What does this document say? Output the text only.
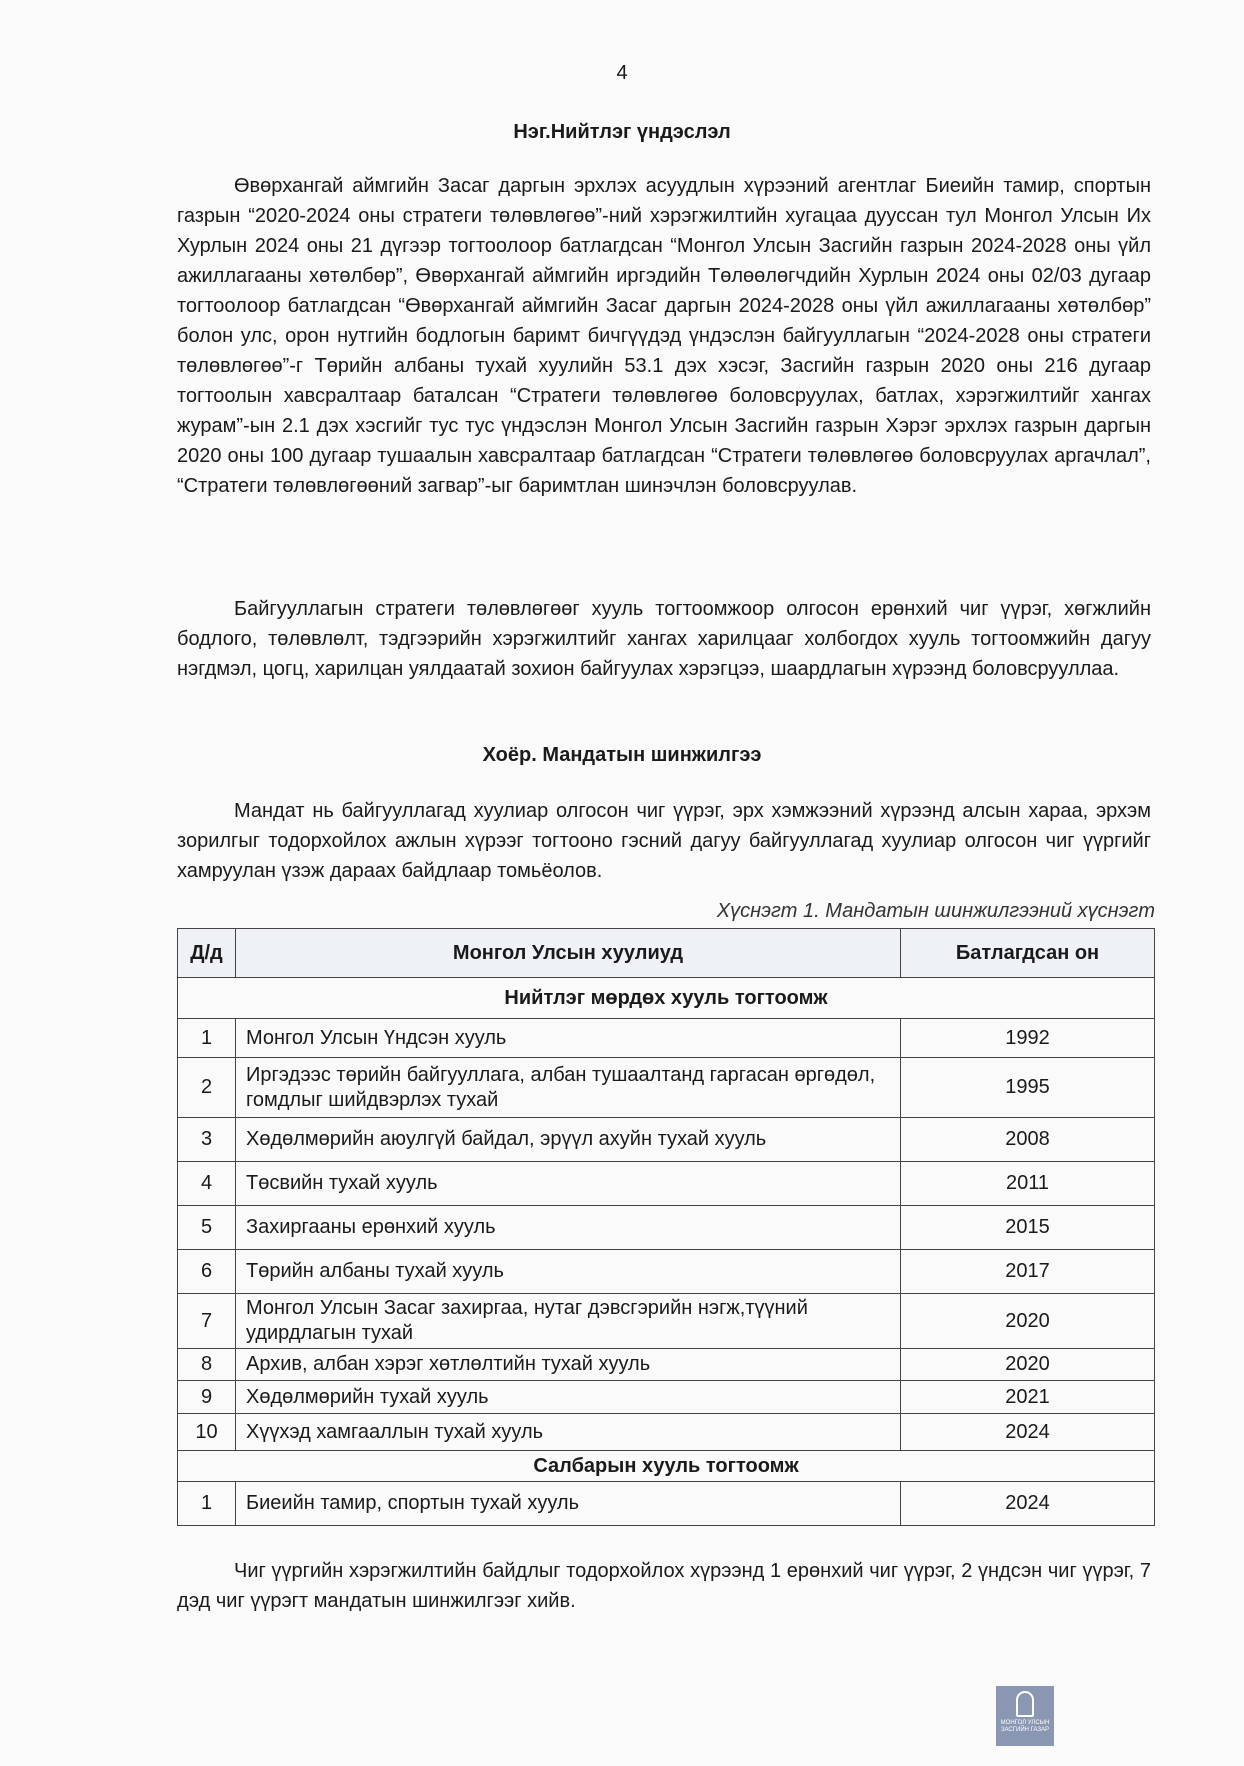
4
Нэг.Нийтлэг үндэслэл

Өвөрхангай аймгийн Засаг даргын эрхлэх асуудлын хүрээний агентлаг Биеийн тамир, спортын газрын “2020-2024 оны стратеги төлөвлөгөө”-ний хэрэгжилтийн хугацаа дууссан тул Монгол Улсын Их Хурлын 2024 оны 21 дүгээр тогтоолоор батлагдсан “Монгол Улсын Засгийн газрын 2024-2028 оны үйл ажиллагааны хөтөлбөр”, Өвөрхангай аймгийн иргэдийн Төлөөлөгчдийн Хурлын 2024 оны 02/03 дугаар тогтоолоор батлагдсан “Өвөрхангай аймгийн Засаг даргын 2024-2028 оны үйл ажиллагааны хөтөлбөр” болон улс, орон нутгийн бодлогын баримт бичгүүдэд үндэслэн байгууллагын “2024-2028 оны стратеги төлөвлөгөө”-г Төрийн албаны тухай хуулийн 53.1 дэх хэсэг, Засгийн газрын 2020 оны 216 дугаар тогтоолын хавсралтаар баталсан “Стратеги төлөвлөгөө боловсруулах, батлах, хэрэгжилтийг хангах журам”-ын 2.1 дэх хэсгийг тус тус үндэслэн Монгол Улсын Засгийн газрын Хэрэг эрхлэх газрын даргын 2020 оны 100 дугаар тушаалын хавсралтаар батлагдсан “Стратеги төлөвлөгөө боловсруулах аргачлал”, “Стратеги төлөвлөгөөний загвар”-ыг баримтлан шинэчлэн боловсруулав.

Байгууллагын стратеги төлөвлөгөөг хууль тогтоомжоор олгосон ерөнхий чиг үүрэг, хөгжлийн бодлого, төлөвлөлт, тэдгээрийн хэрэгжилтийг хангах харилцааг холбогдох хууль тогтоомжийн дагуу нэгдмэл, цогц, харилцан уялдаатай зохион байгуулах хэрэгцээ, шаардлагын хүрээнд боловсрууллаа.

Хоёр. Мандатын шинжилгээ

Мандат нь байгууллагад хуулиар олгосон чиг үүрэг, эрх хэмжээний хүрээнд алсын хараа, эрхэм зорилгыг тодорхойлох ажлын хүрээг тогтооно гэсний дагуу байгууллагад хуулиар олгосон чиг үүргийг хамруулан үзэж дараах байдлаар томьёолов.

Хүснэгт 1. Мандатын шинжилгээний хүснэгт
Д/д	Монгол Улсын хуулиуд	Батлагдсан он
Нийтлэг мөрдөх хууль тогтоомж		
1	Монгол Улсын Үндсэн хууль	1992
2	Иргэдээс төрийн байгууллага, албан тушаалтанд гаргасан өргөдөл, гомдлыг шийдвэрлэх тухай	1995
3	Хөдөлмөрийн аюулгүй байдал, эрүүл ахуйн тухай хууль	2008
4	Төсвийн тухай хууль	2011
5	Захиргааны ерөнхий хууль	2015
6	Төрийн албаны тухай хууль	2017
7	Монгол Улсын Засаг захиргаа, нутаг дэвсгэрийн нэгж,түүний удирдлагын тухай	2020
8	Архив, албан хэрэг хөтлөлтийн тухай хууль	2020
9	Хөдөлмөрийн тухай хууль	2021
10	Хүүхэд хамгааллын тухай хууль	2024
Салбарын хууль тогтоомж		
1	Биеийн тамир, спортын тухай хууль	2024

Чиг үүргийн хэрэгжилтийн байдлыг тодорхойлох хүрээнд 1 ерөнхий чиг үүрэг, 2 үндсэн чиг үүрэг, 7 дэд чиг үүрэгт мандатын шинжилгээг хийв.

МОНГОЛ УЛСЫН
ЗАСГИЙН ГАЗАР
